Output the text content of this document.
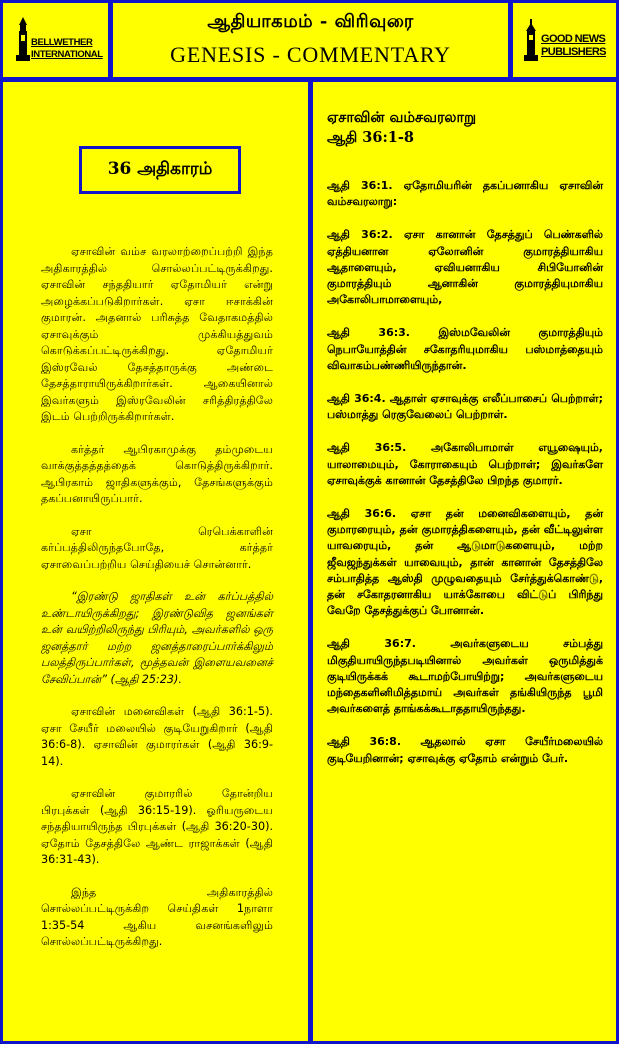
BELLWETHER
INTERNATIONAL
ஆதியாகமம் - விரிவுரை
GENESIS - COMMENTARY
GOOD NEWS
PUBLISHERS
36 அதிகாரம்

ஏசாவின் வம்ச வரலாற்றைப்பற்றி இந்த அதிகாரத்தில் சொல்லப்பட்டிருக்கிறது. ஏசாவின் சந்ததியார் ஏதோமியர் என்று அழைக்கப்படுகிறார்கள். ஏசா ஈசாக்கின் குமாரன். அதனால் பரிசுத்த வேதாகமத்தில் ஏசாவுக்கும் முக்கியத்துவம் கொடுக்கப்பட்டிருக்கிறது. ஏதோமியர் இஸ்ரவேல் தேசத்தாருக்கு அண்டை தேசத்தாராயிருக்கிறார்கள். ஆகையினால் இவர்களும் இஸ்ரவேலின் சரித்திரத்திலே இடம் பெற்றிருக்கிறார்கள்.

கர்த்தர் ஆபிரகாமுக்கு தம்முடைய வாக்குத்தத்தத்தைக் கொடுத்திருக்கிறார். ஆபிரகாம் ஜாதிகளுக்கும், தேசங்களுக்கும் தகப்பனாயிருப்பார்.

ஏசா ரெபெக்காளின் கர்ப்பத்திலிருந்தபோதே, கர்த்தர் ஏசாவைப்பற்றிய செய்தியைச் சொன்னார்.

“இரண்டு ஜாதிகள் உன் கர்ப்பத்தில் உண்டாயிருக்கிறது; இரண்டுவித ஜனங்கள் உன் வயிற்றிலிருந்து பிரியும், அவர்களில் ஒரு ஜனத்தார் மற்ற ஜனத்தாரைப்பார்க்கிலும் பலத்திருப்பார்கள், மூத்தவன் இளையவனைச் சேவிப்பான்” (ஆதி 25:23).

ஏசாவின் மனைவிகள் (ஆதி 36:1-5). ஏசா சேயீர் மலையில் குடியேறுகிறார் (ஆதி 36:6-8). ஏசாவின் குமாரர்கள் (ஆதி 36:9-14).

ஏசாவின் குமாரரில் தோன்றிய பிரபுக்கள் (ஆதி 36:15-19). ஓரியருடைய சந்ததியாயிருந்த பிரபுக்கள் (ஆதி 36:20-30). ஏதோம் தேசத்திலே ஆண்ட ராஜாக்கள் (ஆதி 36:31-43).

இந்த அதிகாரத்தில் சொல்லப்பட்டிருக்கிற செய்திகள் 1நாளா 1:35-54 ஆகிய வசனங்களிலும் சொல்லப்பட்டிருக்கிறது.

ஏசாவின் வம்சவரலாறு
ஆதி 36:1-8

ஆதி 36:1. ஏதோமியரின் தகப்பனாகிய ஏசாவின் வம்சவரலாறு:

ஆதி 36:2. ஏசா கானான் தேசத்துப் பெண்களில் ஏத்தியனான ஏலோனின் குமாரத்தியாகிய ஆதாளையும், ஏவியனாகிய சிபியோனின் குமாரத்தியும் ஆனாகின் குமாரத்தியுமாகிய அகோலிபாமாளையும்,

ஆதி 36:3. இஸ்மவேலின் குமாரத்தியும் நெபாயோத்தின் சகோதரியுமாகிய பஸ்மாத்தையும் விவாகம்பண்ணியிருந்தான்.

ஆதி 36:4. ஆதாள் ஏசாவுக்கு எலீப்பாசைப் பெற்றாள்; பஸ்மாத்து ரெகுவேலைப் பெற்றாள்.

ஆதி 36:5. அகோலிபாமாள் எயூஷையும், யாலாமையும், கோராகையும் பெற்றாள்; இவர்களே ஏசாவுக்குக் கானான் தேசத்திலே பிறந்த குமாரர்.

ஆதி 36:6. ஏசா தன் மனைவிகளையும், தன் குமாரரையும், தன் குமாரத்திகளையும், தன் வீட்டிலுள்ள யாவரையும், தன் ஆடுமாடுகளையும், மற்ற ஜீவஜந்துக்கள் யாவையும், தான் கானான் தேசத்திலே சம்பாதித்த ஆஸ்தி முழுவதையும் சேர்த்துக்கொண்டு, தன் சகோதரனாகிய யாக்கோபை விட்டுப் பிரிந்து வேறே தேசத்துக்குப் போனான்.

ஆதி 36:7. அவர்களுடைய சம்பத்து மிகுதியாயிருந்தபடியினால் அவர்கள் ஒருமித்துக் குடியிருக்கக் கூடாமற்போயிற்று; அவர்களுடைய மந்தைகளினிமித்தமாய் அவர்கள் தங்கியிருந்த பூமி அவர்களைத் தாங்கக்கூடாததாயிருந்தது.

ஆதி 36:8. ஆதலால் ஏசா சேயீர்மலையில் குடியேறினான்; ஏசாவுக்கு ஏதோம் என்றும் பேர்.
